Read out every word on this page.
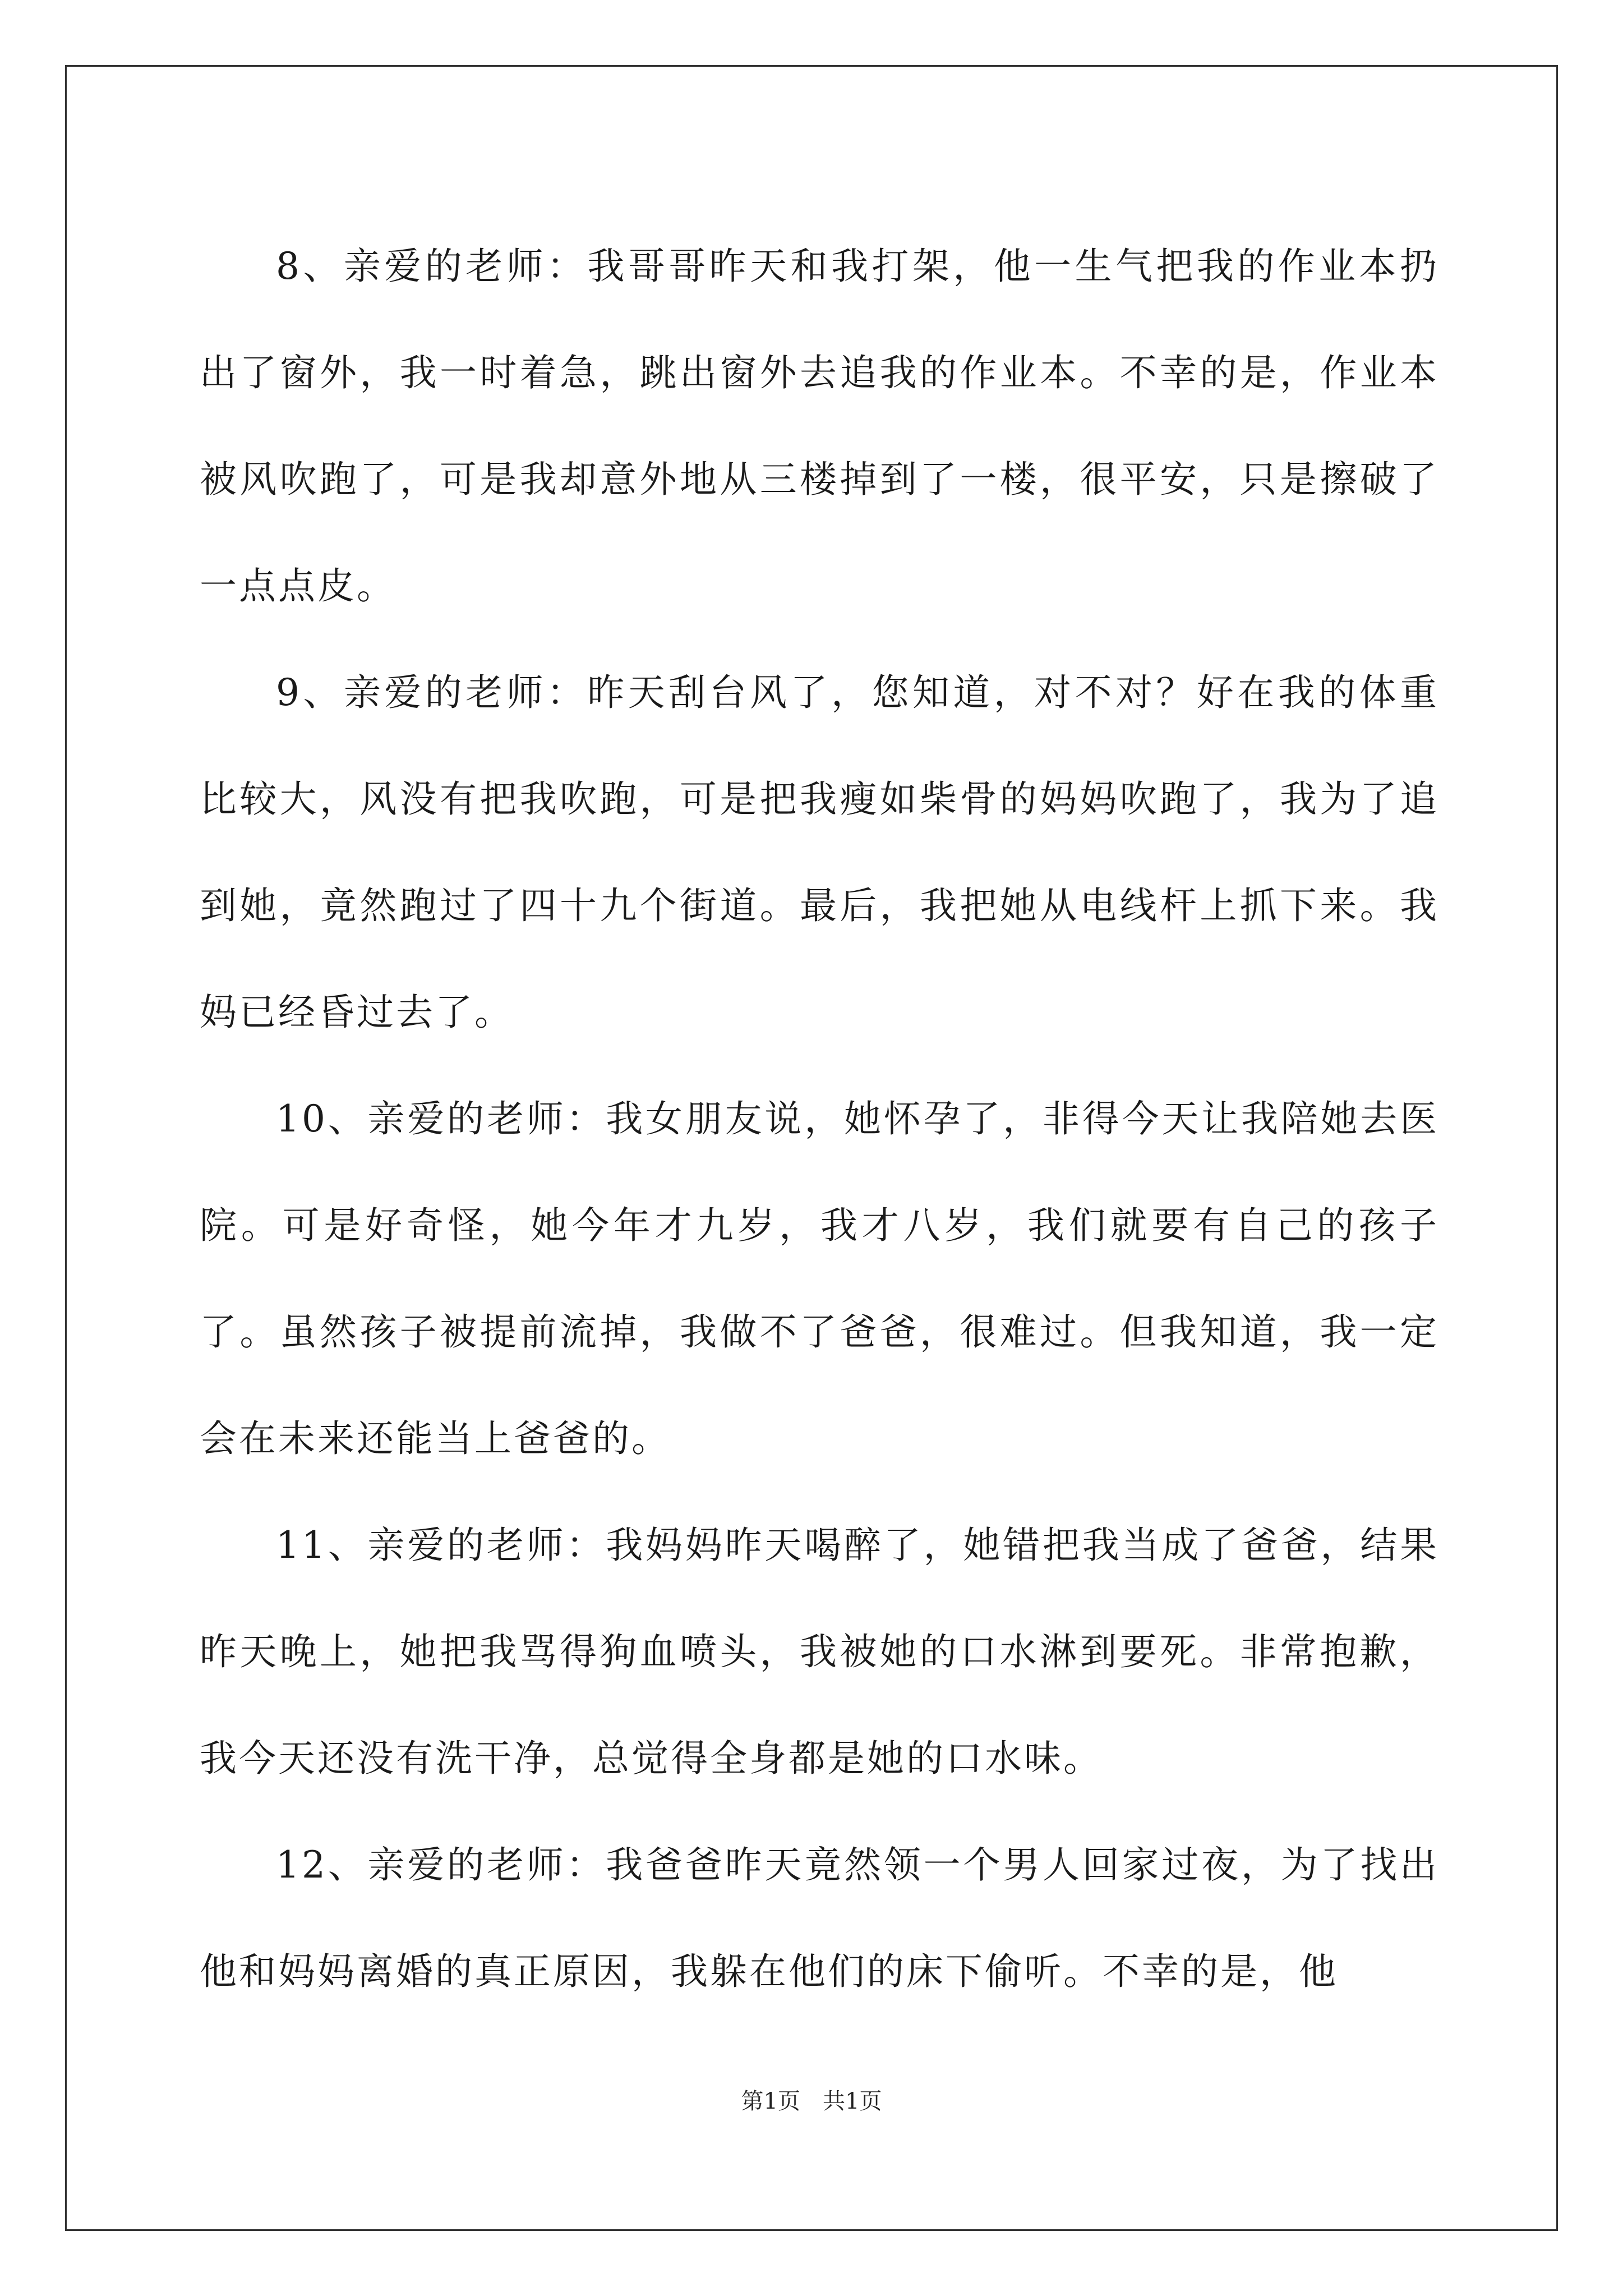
8、亲爱的老师：我哥哥昨天和我打架，他一生气把我的作业本扔出了窗外，我一时着急，跳出窗外去追我的作业本。不幸的是，作业本被风吹跑了，可是我却意外地从三楼掉到了一楼，很平安，只是擦破了一点点皮。

9、亲爱的老师：昨天刮台风了，您知道，对不对？好在我的体重比较大，风没有把我吹跑，可是把我瘦如柴骨的妈妈吹跑了，我为了追到她，竟然跑过了四十九个街道。最后，我把她从电线杆上抓下来。我妈已经昏过去了。

10、亲爱的老师：我女朋友说，她怀孕了，非得今天让我陪她去医院。可是好奇怪，她今年才九岁，我才八岁，我们就要有自己的孩子了。虽然孩子被提前流掉，我做不了爸爸，很难过。但我知道，我一定会在未来还能当上爸爸的。

11、亲爱的老师：我妈妈昨天喝醉了，她错把我当成了爸爸，结果昨天晚上，她把我骂得狗血喷头，我被她的口水淋到要死。非常抱歉，我今天还没有洗干净，总觉得全身都是她的口水味。

12、亲爱的老师：我爸爸昨天竟然领一个男人回家过夜，为了找出他和妈妈离婚的真正原因，我躲在他们的床下偷听。不幸的是，他

第1页　共1页
